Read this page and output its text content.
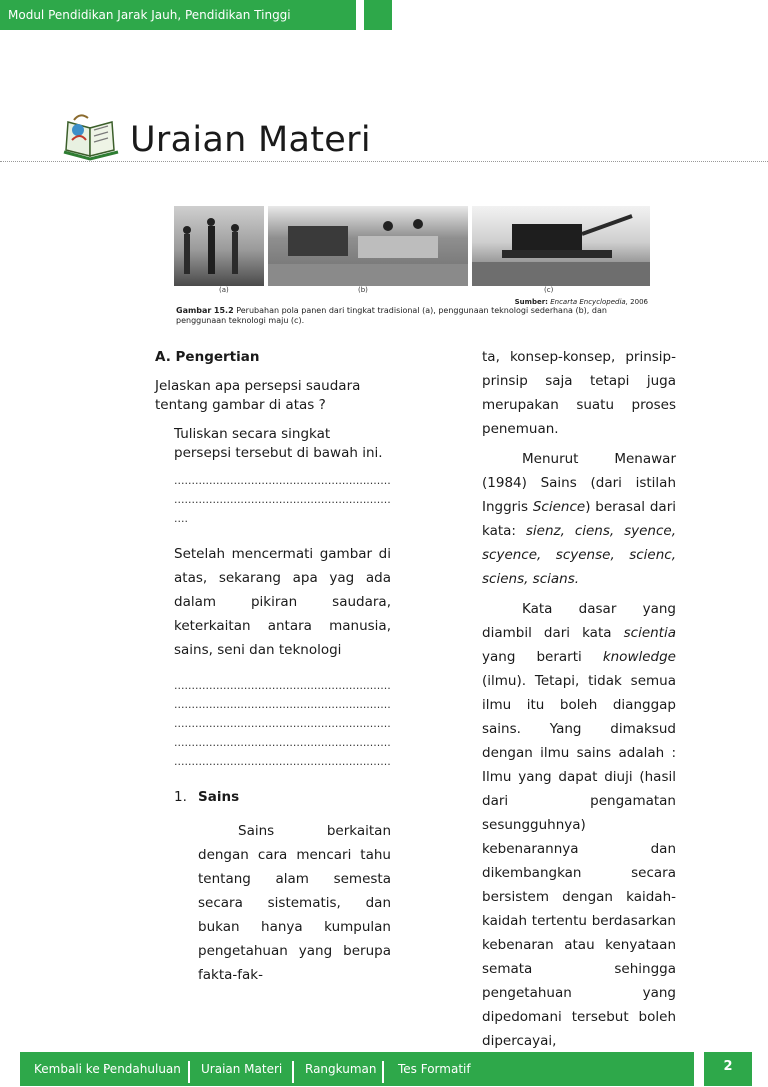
Modul Pendidikan Jarak Jauh, Pendidikan Tinggi Kesehatan
Uraian Materi
(a)	(b)	(c)
Sumber: Encarta Encyclopedia, 2006
Gambar 15.2 Perubahan pola panen dari tingkat tradisional (a), penggunaan teknologi sederhana (b), dan penggunaan teknologi maju (c).
A. Pengertian
Jelaskan apa persepsi saudara tentang gambar di atas ?
Tuliskan secara singkat persepsi tersebut di bawah ini.
..............................................................
..............................................................
....
Setelah mencermati gambar di atas, sekarang apa yag ada dalam pikiran saudara, keterkaitan antara manusia, sains, seni dan teknologi
..............................................................
..............................................................
..............................................................
..............................................................
..............................................................
1. Sains
Sains berkaitan dengan cara mencari tahu tentang alam semesta secara sistematis, dan bukan hanya kumpulan pengetahuan yang berupa fakta-fak-
ta, konsep-konsep, prinsip-prinsip saja tetapi juga merupakan suatu proses penemuan.
Menurut Menawar (1984) Sains (dari istilah Inggris Science) berasal dari kata: sienz, ciens, syence, scyence, scyense, scienc, sciens, scians.
Kata dasar yang diambil dari kata scientia yang berarti knowledge (ilmu). Tetapi, tidak semua ilmu itu boleh dianggap sains. Yang dimaksud dengan ilmu sains adalah : Ilmu yang dapat diuji (hasil dari pengamatan sesungguhnya) kebenarannya dan dikembangkan secara bersistem dengan kaidah-kaidah tertentu berdasarkan kebenaran atau kenyataan semata sehingga pengetahuan yang dipedomani tersebut boleh dipercayai,
Kembali ke :
Pendahuluan Uraian Materi Rangkuman Tes Formatif	2
